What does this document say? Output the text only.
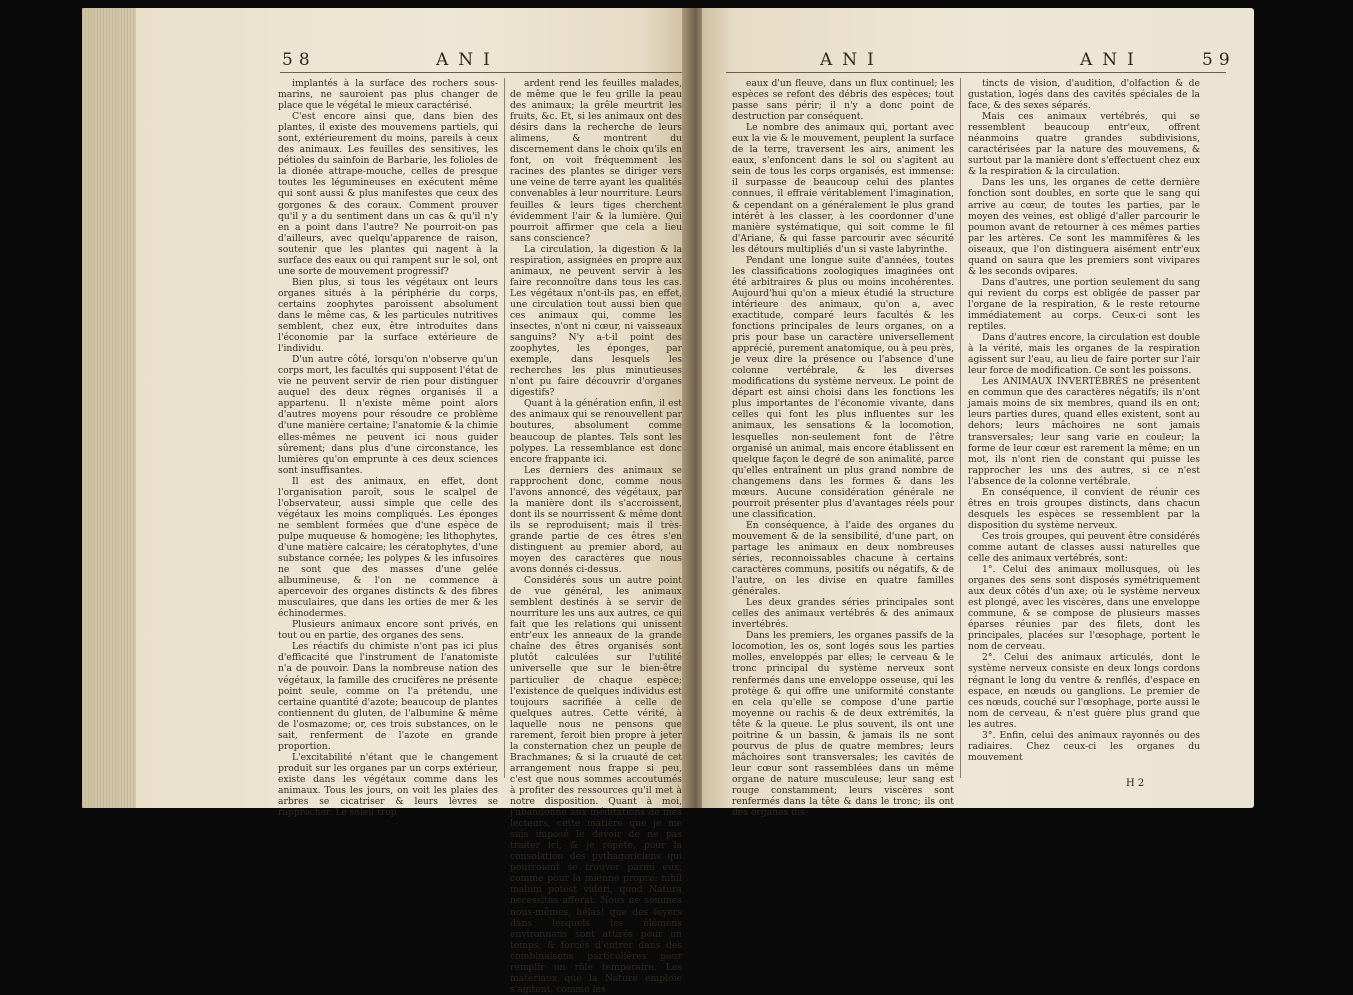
58	ANI

implantés à la surface des rochers sous-marins, ne sauroient pas plus changer de place que le végétal le mieux caractérisé.

C'est encore ainsi que, dans bien des plantes, il existe des mouvemens partiels, qui sont, extérieurement du moins, pareils à ceux des animaux. Les feuilles des sensitives, les pétioles du sainfoin de Barbarie, les folioles de la dionée attrape-mouche, celles de presque toutes les légumineuses en exécutent même qui sont aussi & plus manifestes que ceux des gorgones & des coraux. Comment prouver qu'il y a du sentiment dans un cas & qu'il n'y en a point dans l'autre? Ne pourroit-on pas d'ailleurs, avec quelqu'apparence de raison, soutenir que les plantes qui nagent à la surface des eaux ou qui rampent sur le sol, ont une sorte de mouvement progressif?

Bien plus, si tous les végétaux ont leurs organes situés à la périphérie du corps, certains zoophytes paroissent absolument dans le même cas, & les particules nutritives semblent, chez eux, être introduites dans l'économie par la surface extérieure de l'individu.

D'un autre côté, lorsqu'on n'observe qu'un corps mort, les facultés qui supposent l'état de vie ne peuvent servir de rien pour distinguer auquel des deux règnes organisés il a appartenu. Il n'existe même point alors d'autres moyens pour résoudre ce problème d'une manière certaine; l'anatomie & la chimie elles-mêmes ne peuvent ici nous guider sûrement; dans plus d'une circonstance, les lumières qu'on emprunte à ces deux sciences sont insuffisantes.

Il est des animaux, en effet, dont l'organisation paroît, sous le scalpel de l'observateur, aussi simple que celle des végétaux les moins compliqués. Les éponges ne semblent formées que d'une espèce de pulpe muqueuse & homogène; les lithophytes, d'une matière calcaire; les cératophytes, d'une substance cornée; les polypes & les infusoires ne sont que des masses d'une gelée albumineuse, & l'on ne commence à apercevoir des organes distincts & des fibres musculaires, que dans les orties de mer & les échinodermes.

Plusieurs animaux encore sont privés, en tout ou en partie, des organes des sens.

Les réactifs du chimiste n'ont pas ici plus d'efficacité que l'instrument de l'anatomiste n'a de pouvoir. Dans la nombreuse nation des végétaux, la famille des crucifères ne présente point seule, comme on l'a prétendu, une certaine quantité d'azote; beaucoup de plantes contiennent du gluten, de l'albumine & même de l'osmazome; or, ces trois substances, on le sait, renferment de l'azote en grande proportion.

L'excitabilité n'étant que le changement produit sur les organes par un corps extérieur, existe dans les végétaux comme dans les animaux. Tous les jours, on voit les plaies des arbres se cicatriser & leurs lèvres se rapprocher. Le soleil trop

ardent rend les feuilles malades, de même que le feu grille la peau des animaux; la grêle meurtrit les fruits, &c. Et, si les animaux ont des désirs dans la recherche de leurs alimens, & montrent du discernement dans le choix qu'ils en font, on voit fréquemment les racines des plantes se diriger vers une veine de terre ayant les qualités convenables à leur nourriture. Leurs feuilles & leurs tiges cherchent évidemment l'air & la lumière. Qui pourroit affirmer que cela a lieu sans conscience?

La circulation, la digestion & la respiration, assignées en propre aux animaux, ne peuvent servir à les faire reconnoître dans tous les cas. Les végétaux n'ont-ils pas, en effet, une circulation tout aussi bien que ces animaux qui, comme les insectes, n'ont ni cœur, ni vaisseaux sanguins? N'y a-t-il point des zoophytes, les éponges, par exemple, dans lesquels les recherches les plus minutieuses n'ont pu faire découvrir d'organes digestifs?

Quant à la génération enfin, il est des animaux qui se renouvellent par boutures, absolument comme beaucoup de plantes. Tels sont les polypes. La ressemblance est donc encore frappante ici.

Les derniers des animaux se rapprochent donc, comme nous l'avons annoncé, des végétaux, par la manière dont ils s'accroissent, dont ils se nourrissent & même dont ils se reproduisent; mais il très-grande partie de ces êtres s'en distinguent au premier abord, au moyen des caractères que nous avons donnés ci-dessus.

Considérés sous un autre point de vue général, les animaux semblent destinés à se servir de nourriture les uns aux autres, ce qui fait que les relations qui unissent entr'eux les anneaux de la grande chaîne des êtres organisés sont plutôt calculées sur l'utilité universelle que sur le bien-être particulier de chaque espèce; l'existence de quelques individus est toujours sacrifiée à celle de quelques autres. Cette vérité, à laquelle nous ne pensons que rarement, feroit bien propre à jeter la consternation chez un peuple de Brachmanes; & si la cruauté de cet arrangement nous frappe si peu, c'est que nous sommes accoutumés à profiter des ressources qu'il met à notre disposition. Quant à moi, j'abandonne aux méditations de mes lecteurs, cette matière que je me suis imposé le devoir de ne pas traiter ici, & je répète, pour la consolation des pythagoriciens qui pourroient se trouver parmi eux, comme pour la mienne propre: nihil malum potest videri, quod Natura necessitas afferat. Nous ne sommes nous-mêmes, hélas! que des foyers dans lesquels les élémens environnans sont attirés pour un temps, & forcés d'entrer dans des combinaisons particulières pour remplir un rôle temporaire. Les matériaux que la Nature emploie s'agitent, comme les

ANI	ANI	59

eaux d'un fleuve, dans un flux continuel; les espèces se refont des débris des espèces; tout passe sans périr; il n'y a donc point de destruction par conséquent.

Le nombre des animaux qui, portant avec eux la vie & le mouvement, peuplent la surface de la terre, traversent les airs, animent les eaux, s'enfoncent dans le sol ou s'agitent au sein de tous les corps organisés, est immense: il surpasse de beaucoup celui des plantes connues, il effraie véritablement l'imagination, & cependant on a généralement le plus grand intérêt à les classer, à les coordonner d'une manière systématique, qui soit comme le fil d'Ariane, & qui fasse parcourir avec sécurité les détours multipliés d'un si vaste labyrinthe.

Pendant une longue suite d'années, toutes les classifications zoologiques imaginées ont été arbitraires & plus ou moins incohérentes. Aujourd'hui qu'on a mieux étudié la structure intérieure des animaux, qu'on a, avec exactitude, comparé leurs facultés & les fonctions principales de leurs organes, on a pris pour base un caractère universellement apprécié, purement anatomique, ou à peu près, je veux dire la présence ou l'absence d'une colonne vertébrale, & les diverses modifications du système nerveux. Le point de départ est ainsi choisi dans les fonctions les plus importantes de l'économie vivante, dans celles qui font les plus influentes sur les animaux, les sensations & la locomotion, lesquelles non-seulement font de l'être organisé un animal, mais encore établissent en quelque façon le degré de son animalité, parce qu'elles entraînent un plus grand nombre de changemens dans les formes & dans les mœurs. Aucune considération générale ne pourroit présenter plus d'avantages réels pour une classification.

En conséquence, à l'aide des organes du mouvement & de la sensibilité, d'une part, on partage les animaux en deux nombreuses séries, reconnoissables chacune à certains caractères communs, positifs ou négatifs, & de l'autre, on les divise en quatre familles générales.

Les deux grandes séries principales sont celles des animaux vertébrés & des animaux invertébrés.

Dans les premiers, les organes passifs de la locomotion, les os, sont logés sous les parties molles, enveloppés par elles; le cerveau & le tronc principal du système nerveux sont renfermés dans une enveloppe osseuse, qui les protège & qui offre une uniformité constante en cela qu'elle se compose d'une partie moyenne ou rachis & de deux extrémités, la tête & la queue. Le plus souvent, ils ont une poitrine & un bassin, & jamais ils ne sont pourvus de plus de quatre membres; leurs mâchoires sont transversales; les cavités de leur cœur sont rassemblées dans un même organe de nature musculeuse; leur sang est rouge constamment; leurs viscères sont renfermés dans la tête & dans le tronc; ils ont des organes dis-

tincts de vision, d'audition, d'olfaction & de gustation, logés dans des cavités spéciales de la face, & des sexes séparés.

Mais ces animaux vertébrés, qui se ressemblent beaucoup entr'eux, offrent néanmoins quatre grandes subdivisions, caractérisées par la nature des mouvemens, & surtout par la manière dont s'effectuent chez eux & la respiration & la circulation.

Dans les uns, les organes de cette dernière fonction sont doubles, en sorte que le sang qui arrive au cœur, de toutes les parties, par le moyen des veines, est obligé d'aller parcourir le poumon avant de retourner à ces mêmes parties par les artères. Ce sont les mammifères & les oiseaux, que l'on distinguera aisément entr'eux quand on saura que les premiers sont vivipares & les seconds ovipares.

Dans d'autres, une portion seulement du sang qui revient du corps est obligée de passer par l'organe de la respiration, & le reste retourne immédiatement au corps. Ceux-ci sont les reptiles.

Dans d'autres encore, la circulation est double à la vérité, mais les organes de la respiration agissent sur l'eau, au lieu de faire porter sur l'air leur force de modification. Ce sont les poissons.

Les ANIMAUX INVERTÉBRÉS ne présentent en commun que des caractères négatifs; ils n'ont jamais moins de six membres, quand ils en ont; leurs parties dures, quand elles existent, sont au dehors; leurs mâchoires ne sont jamais transversales; leur sang varie en couleur; la forme de leur cœur est rarement la même; en un mot, ils n'ont rien de constant qui puisse les rapprocher les uns des autres, si ce n'est l'absence de la colonne vertébrale.

En conséquence, il convient de réunir ces êtres en trois groupes distincts, dans chacun desquels les espèces se ressemblent par la disposition du système nerveux.

Ces trois groupes, qui peuvent être considérés comme autant de classes aussi naturelles que celle des animaux vertébrés, sont:

1°. Celui des animaux mollusques, où les organes des sens sont disposés symétriquement aux deux côtés d'un axe; où le système nerveux est plongé, avec les viscères, dans une enveloppe commune, & se compose de plusieurs masses éparses réunies par des filets, dont les principales, placées sur l'œsophage, portent le nom de cerveau.

2°. Celui des animaux articulés, dont le système nerveux consiste en deux longs cordons régnant le long du ventre & renflés, d'espace en espace, en nœuds ou ganglions. Le premier de ces nœuds, couché sur l'œsophage, porte aussi le nom de cerveau, & n'est guère plus grand que les autres.

3°. Enfin, celui des animaux rayonnés ou des radiaires. Chez ceux-ci les organes du mouvement

H 2
